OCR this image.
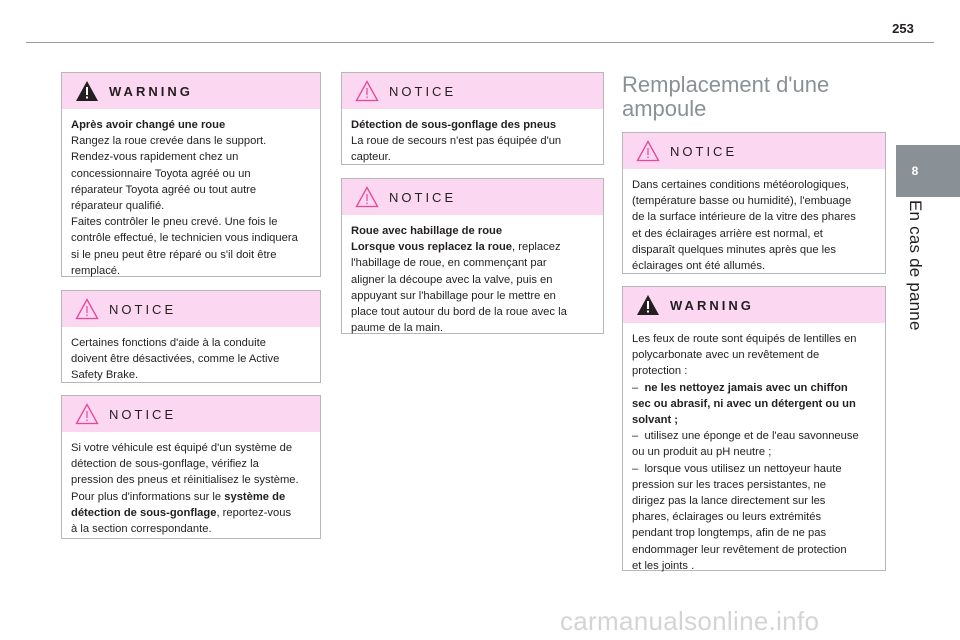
253
8
En cas de panne
WARNING

Après avoir changé une roue

Rangez la roue crevée dans le support.

Rendez-vous rapidement chez un

concessionnaire Toyota agréé ou un

réparateur Toyota agréé ou tout autre

réparateur qualifié.

Faites contrôler le pneu crevé. Une fois le

contrôle effectué, le technicien vous indiquera

si le pneu peut être réparé ou s'il doit être

remplacé.

NOTICE

Certaines fonctions d'aide à la conduite

doivent être désactivées, comme le Active

Safety Brake.

NOTICE

Si votre véhicule est équipé d'un système de

détection de sous-gonflage, vérifiez la

pression des pneus et réinitialisez le système.

Pour plus d'informations sur le système de

détection de sous-gonflage, reportez-vous

à la section correspondante.

NOTICE

Détection de sous-gonflage des pneus

La roue de secours n'est pas équipée d'un

capteur.

NOTICE

Roue avec habillage de roue

Lorsque vous replacez la roue, replacez

l'habillage de roue, en commençant par

aligner la découpe avec la valve, puis en

appuyant sur l'habillage pour le mettre en

place tout autour du bord de la roue avec la

paume de la main.

Remplacement d'une
ampoule
NOTICE

Dans certaines conditions météorologiques,

(température basse ou humidité), l'embuage

de la surface intérieure de la vitre des phares

et des éclairages arrière est normal, et

disparaît quelques minutes après que les

éclairages ont été allumés.

WARNING

Les feux de route sont équipés de lentilles en

polycarbonate avec un revêtement de

protection :

–  ne les nettoyez jamais avec un chiffon

sec ou abrasif, ni avec un détergent ou un

solvant ;

–  utilisez une éponge et de l'eau savonneuse

ou un produit au pH neutre ;

–  lorsque vous utilisez un nettoyeur haute

pression sur les traces persistantes, ne

dirigez pas la lance directement sur les

phares, éclairages ou leurs extrémités

pendant trop longtemps, afin de ne pas

endommager leur revêtement de protection

et les joints .

carmanualsonline.info
